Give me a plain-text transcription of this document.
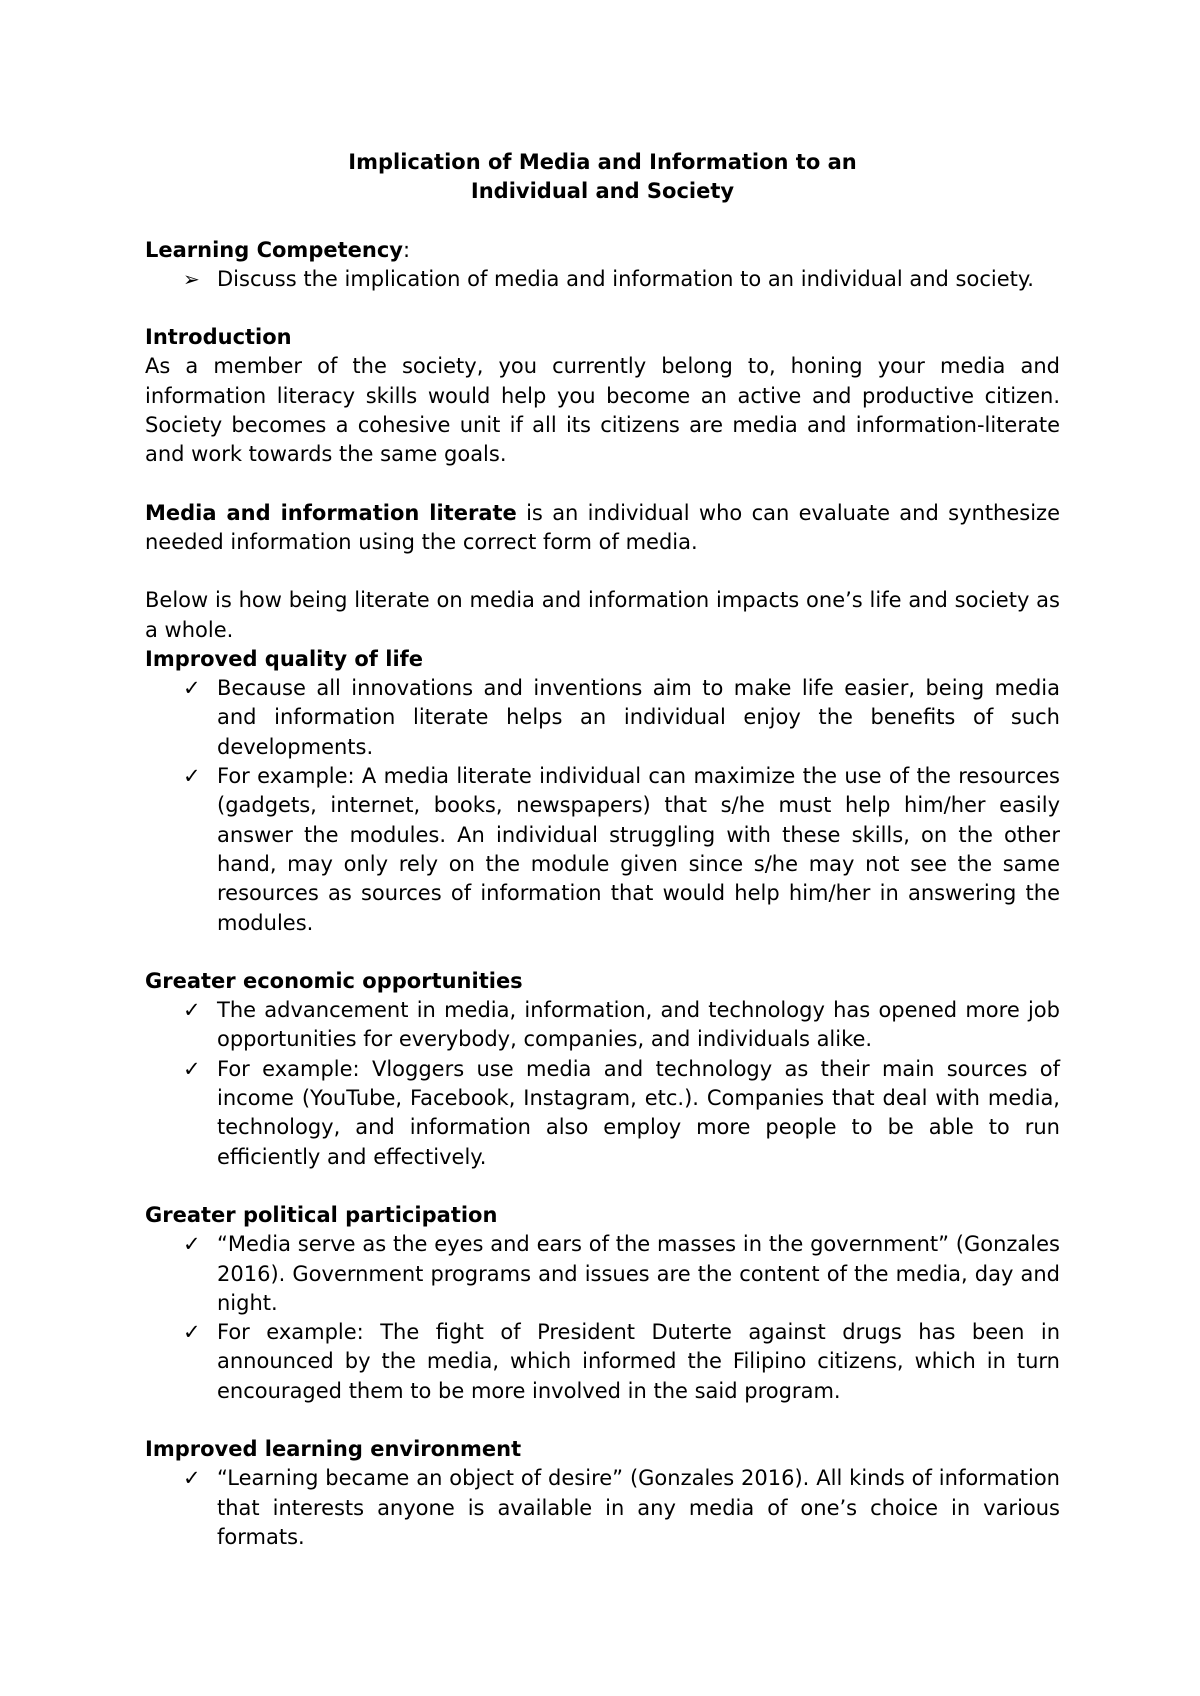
Implication of Media and Information to an

Individual and Society

Learning Competency:

➢ Discuss the implication of media and information to an individual and society.

Introduction

As a member of the society, you currently belong to, honing your media and information literacy skills would help you become an active and productive citizen. Society becomes a cohesive unit if all its citizens are media and information-literate and work towards the same goals.

Media and information literate is an individual who can evaluate and synthesize needed information using the correct form of media.

Below is how being literate on media and information impacts one’s life and society as a whole.

Improved quality of life

✓ Because all innovations and inventions aim to make life easier, being media and information literate helps an individual enjoy the benefits of such developments.

✓ For example: A media literate individual can maximize the use of the resources (gadgets, internet, books, newspapers) that s/he must help him/her easily answer the modules. An individual struggling with these skills, on the other hand, may only rely on the module given since s/he may not see the same resources as sources of information that would help him/her in answering the modules.

Greater economic opportunities

✓ The advancement in media, information, and technology has opened more job opportunities for everybody, companies, and individuals alike.

✓ For example: Vloggers use media and technology as their main sources of income (YouTube, Facebook, Instagram, etc.). Companies that deal with media, technology, and information also employ more people to be able to run efficiently and effectively.

Greater political participation

✓ “Media serve as the eyes and ears of the masses in the government” (Gonzales 2016). Government programs and issues are the content of the media, day and night.

✓ For example: The fight of President Duterte against drugs has been in announced by the media, which informed the Filipino citizens, which in turn encouraged them to be more involved in the said program.

Improved learning environment

✓ “Learning became an object of desire” (Gonzales 2016). All kinds of information that interests anyone is available in any media of one’s choice in various formats.
